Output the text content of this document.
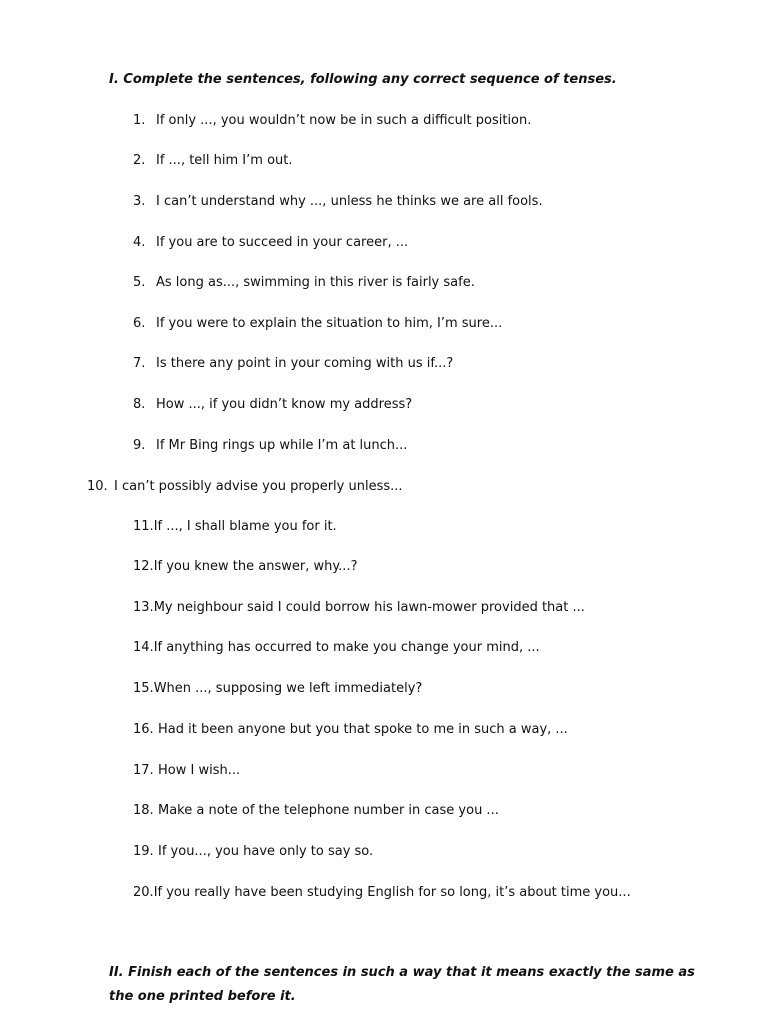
I. Complete the sentences, following any correct sequence of tenses.
1. If only ..., you wouldn’t now be in such a difficult position.
2. If ..., tell him I’m out.
3. I can’t understand why ..., unless he thinks we are all fools.
4. If you are to succeed in your career, ...
5. As long as..., swimming in this river is fairly safe.
6. If you were to explain the situation to him, I’m sure...
7. Is there any point in your coming with us if...?
8. How ..., if you didn’t know my address?
9. If Mr Bing rings up while I’m at lunch...
10. I can’t possibly advise you properly unless...
11.If ..., I shall blame you for it.
12.If you knew the answer, why...?
13.My neighbour said I could borrow his lawn-mower provided that ...
14.If anything has occurred to make you change your mind, ...
15.When ..., supposing we left immediately?
16. Had it been anyone but you that spoke to me in such a way, ...
17. How I wish...
18. Make a note of the telephone number in case you ...
19. If you..., you have only to say so.
20.If you really have been studying English for so long, it’s about time you...
II. Finish each of the sentences in such a way that it means exactly the same as the one printed before it.
